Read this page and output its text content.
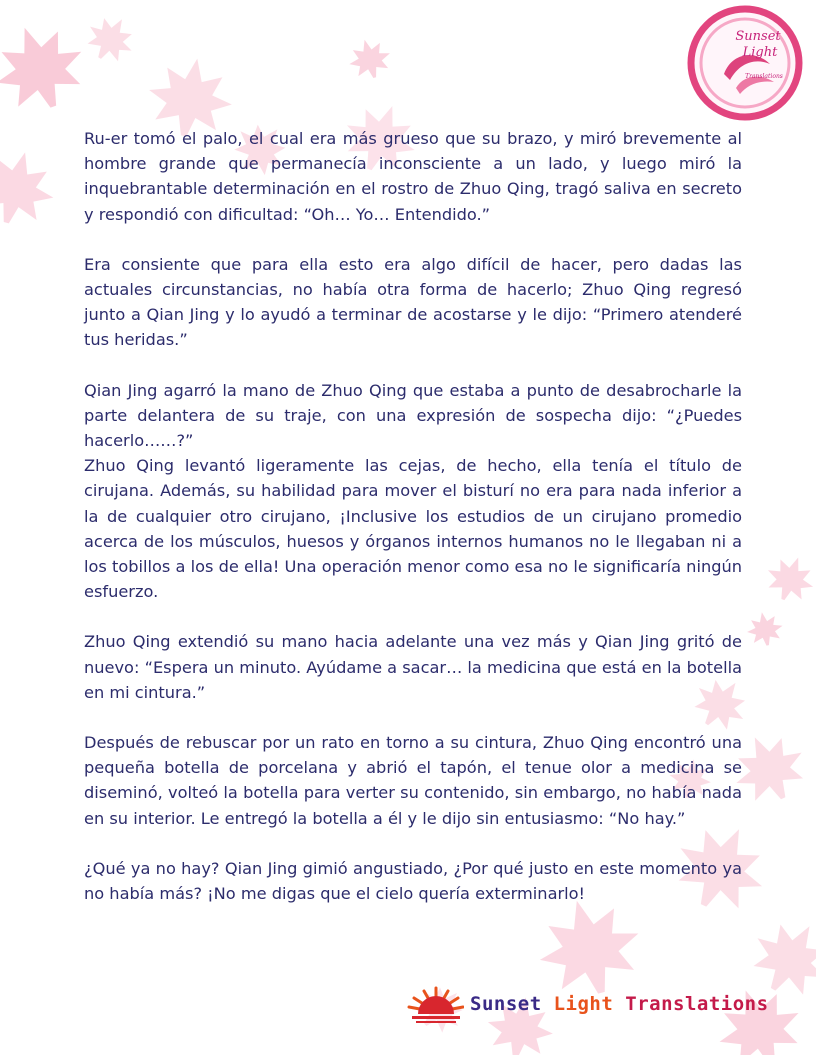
Sunset
Light
Translations

Ru-er tomó el palo, el cual era más grueso que su brazo, y miró brevemente al hombre grande que permanecía inconsciente a un lado, y luego miró la inquebrantable determinación en el rostro de Zhuo Qing, tragó saliva en secreto y respondió con dificultad: “Oh… Yo… Entendido.”

Era consiente que para ella esto era algo difícil de hacer, pero dadas las actuales circunstancias, no había otra forma de hacerlo; Zhuo Qing regresó junto a Qian Jing y lo ayudó a terminar de acostarse y le dijo: “Primero atenderé tus heridas.”

Qian Jing agarró la mano de Zhuo Qing que estaba a punto de desabrocharle la parte delantera de su traje, con una expresión de sospecha dijo: “¿Puedes hacerlo……?”

Zhuo Qing levantó ligeramente las cejas, de hecho, ella tenía el título de cirujana. Además, su habilidad para mover el bisturí no era para nada inferior a la de cualquier otro cirujano, ¡Inclusive los estudios de un cirujano promedio acerca de los músculos, huesos y órganos internos humanos no le llegaban ni a los tobillos a los de ella! Una operación menor como esa no le significaría ningún esfuerzo.

Zhuo Qing extendió su mano hacia adelante una vez más y Qian Jing gritó de nuevo: “Espera un minuto. Ayúdame a sacar… la medicina que está en la botella en mi cintura.”

Después de rebuscar por un rato en torno a su cintura, Zhuo Qing encontró una pequeña botella de porcelana y abrió el tapón, el tenue olor a medicina se diseminó, volteó la botella para verter su contenido, sin embargo, no había nada en su interior. Le entregó la botella a él y le dijo sin entusiasmo: “No hay.”

¿Qué ya no hay? Qian Jing gimió angustiado, ¿Por qué justo en este momento ya no había más? ¡No me digas que el cielo quería exterminarlo!

Sunset Light Translations
